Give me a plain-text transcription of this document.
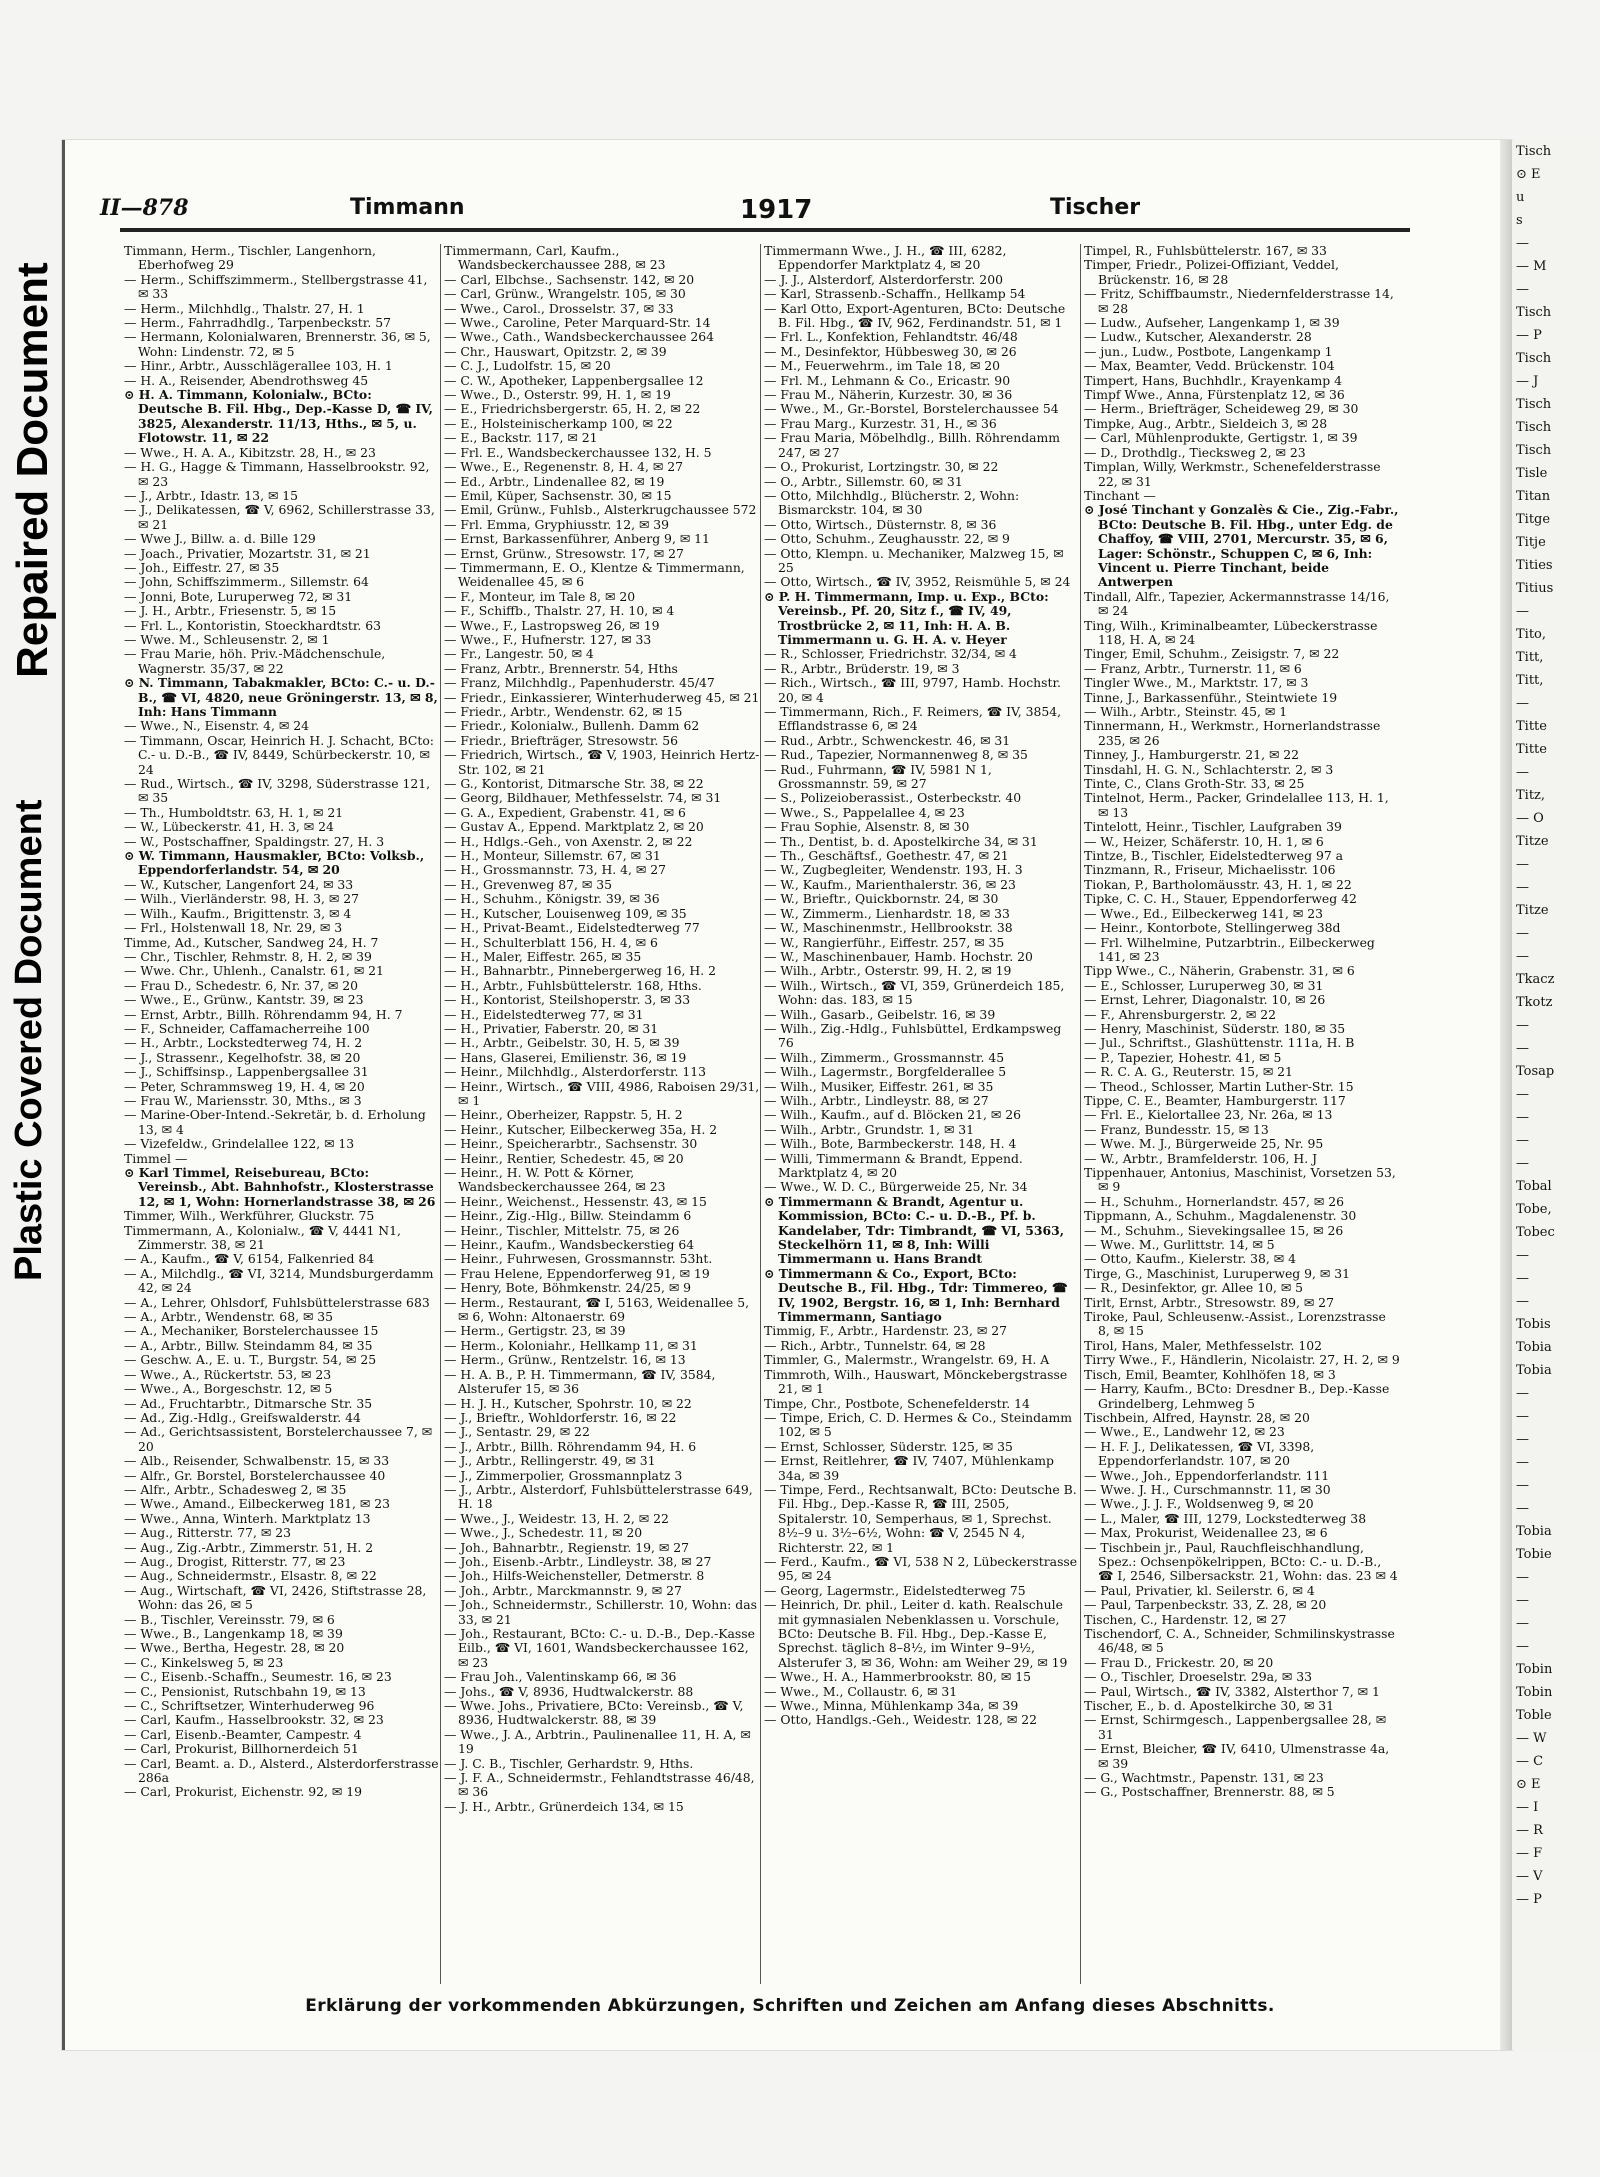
Repaired Document
Plastic Covered Document
Tisch
⊙ E
u
s
—
— M
—
Tisch
— P
Tisch
— J
Tisch
Tisch
Tisch
Tisle
Titan
Titge
Titje
Tities
Titius
—
Tito,
Titt,
Titt,
—
Titte
Titte
—
Titz,
— O
Titze
—
—
Titze
—
—
Tkacz
Tkotz
—
—
Tosap
—
—
—
—
Tobal
Tobe,
Tobec
—
—
—
Tobis
Tobia
Tobia
—
—
—
—
—
—
Tobia
Tobie
—
—
—
—
Tobin
Tobin
Toble
— W
— C
⊙ E
— I
— R
— F
— V
— P
II—878	Timmann	1917	Tischer

Timmann, Herm., Tischler, Langenhorn, Eberhofweg 29

— Herm., Schiffszimmerm., Stellbergstrasse 41, ✉ 33

— Herm., Milchhdlg., Thalstr. 27, H. 1

— Herm., Fahrradhdlg., Tarpenbeckstr. 57

— Hermann, Kolonialwaren, Brennerstr. 36, ✉ 5, Wohn: Lindenstr. 72, ✉ 5

— Hinr., Arbtr., Ausschlägerallee 103, H. 1

— H. A., Reisender, Abendrothsweg 45

⊙ H. A. Timmann, Kolonialw., BCto: Deutsche B. Fil. Hbg., Dep.-Kasse D, ☎ IV, 3825, Alexanderstr. 11/13, Hths., ✉ 5, u. Flotowstr. 11, ✉ 22

— Wwe., H. A. A., Kibitzstr. 28, H., ✉ 23

— H. G., Hagge & Timmann, Hasselbrookstr. 92, ✉ 23

— J., Arbtr., Idastr. 13, ✉ 15

— J., Delikatessen, ☎ V, 6962, Schillerstrasse 33, ✉ 21

— Wwe J., Billw. a. d. Bille 129

— Joach., Privatier, Mozartstr. 31, ✉ 21

— Joh., Eiffestr. 27, ✉ 35

— John, Schiffszimmerm., Sillemstr. 64

— Jonni, Bote, Luruperweg 72, ✉ 31

— J. H., Arbtr., Friesenstr. 5, ✉ 15

— Frl. L., Kontoristin, Stoeckhardtstr. 63

— Wwe. M., Schleusenstr. 2, ✉ 1

— Frau Marie, höh. Priv.-Mädchenschule, Wagnerstr. 35/37, ✉ 22

⊙ N. Timmann, Tabakmakler, BCto: C.- u. D.-B., ☎ VI, 4820, neue Gröningerstr. 13, ✉ 8, Inh: Hans Timmann

— Wwe., N., Eisenstr. 4, ✉ 24

— Timmann, Oscar, Heinrich H. J. Schacht, BCto: C.- u. D.-B., ☎ IV, 8449, Schürbeckerstr. 10, ✉ 24

— Rud., Wirtsch., ☎ IV, 3298, Süderstrasse 121, ✉ 35

— Th., Humboldtstr. 63, H. 1, ✉ 21

— W., Lübeckerstr. 41, H. 3, ✉ 24

— W., Postschaffner, Spaldingstr. 27, H. 3

⊙ W. Timmann, Hausmakler, BCto: Volksb., Eppendorferlandstr. 54, ✉ 20

— W., Kutscher, Langenfort 24, ✉ 33

— Wilh., Vierländerstr. 98, H. 3, ✉ 27

— Wilh., Kaufm., Brigittenstr. 3, ✉ 4

— Frl., Holstenwall 18, Nr. 29, ✉ 3

Timme, Ad., Kutscher, Sandweg 24, H. 7

— Chr., Tischler, Rehmstr. 8, H. 2, ✉ 39

— Wwe. Chr., Uhlenh., Canalstr. 61, ✉ 21

— Frau D., Schedestr. 6, Nr. 37, ✉ 20

— Wwe., E., Grünw., Kantstr. 39, ✉ 23

— Ernst, Arbtr., Billh. Röhrendamm 94, H. 7

— F., Schneider, Caffamacherreihe 100

— H., Arbtr., Lockstedterweg 74, H. 2

— J., Strassenr., Kegelhofstr. 38, ✉ 20

— J., Schiffsinsp., Lappenbergsallee 31

— Peter, Schrammsweg 19, H. 4, ✉ 20

— Frau W., Mariensstr. 30, Mths., ✉ 3

— Marine-Ober-Intend.-Sekretär, b. d. Erholung 13, ✉ 4

— Vizefeldw., Grindelallee 122, ✉ 13

Timmel —

⊙ Karl Timmel, Reisebureau, BCto: Vereinsb., Abt. Bahnhofstr., Klosterstrasse 12, ✉ 1, Wohn: Hornerlandstrasse 38, ✉ 26

Timmer, Wilh., Werkführer, Gluckstr. 75

Timmermann, A., Kolonialw., ☎ V, 4441 N1, Zimmerstr. 38, ✉ 21

— A., Kaufm., ☎ V, 6154, Falkenried 84

— A., Milchdlg., ☎ VI, 3214, Mundsburgerdamm 42, ✉ 24

— A., Lehrer, Ohlsdorf, Fuhlsbüttelerstrasse 683

— A., Arbtr., Wendenstr. 68, ✉ 35

— A., Mechaniker, Borstelerchaussee 15

— A., Arbtr., Billw. Steindamm 84, ✉ 35

— Geschw. A., E. u. T., Burgstr. 54, ✉ 25

— Wwe., A., Rückertstr. 53, ✉ 23

— Wwe., A., Borgeschstr. 12, ✉ 5

— Ad., Fruchtarbtr., Ditmarsche Str. 35

— Ad., Zig.-Hdlg., Greifswalderstr. 44

— Ad., Gerichtsassistent, Borstelerchaussee 7, ✉ 20

— Alb., Reisender, Schwalbenstr. 15, ✉ 33

— Alfr., Gr. Borstel, Borstelerchaussee 40

— Alfr., Arbtr., Schadesweg 2, ✉ 35

— Wwe., Amand., Eilbeckerweg 181, ✉ 23

— Wwe., Anna, Winterh. Marktplatz 13

— Aug., Ritterstr. 77, ✉ 23

— Aug., Zig.-Arbtr., Zimmerstr. 51, H. 2

— Aug., Drogist, Ritterstr. 77, ✉ 23

— Aug., Schneidermstr., Elsastr. 8, ✉ 22

— Aug., Wirtschaft, ☎ VI, 2426, Stiftstrasse 28, Wohn: das 26, ✉ 5

— B., Tischler, Vereinsstr. 79, ✉ 6

— Wwe., B., Langenkamp 18, ✉ 39

— Wwe., Bertha, Hegestr. 28, ✉ 20

— C., Kinkelsweg 5, ✉ 23

— C., Eisenb.-Schaffn., Seumestr. 16, ✉ 23

— C., Pensionist, Rutschbahn 19, ✉ 13

— C., Schriftsetzer, Winterhuderweg 96

— Carl, Kaufm., Hasselbrookstr. 32, ✉ 23

— Carl, Eisenb.-Beamter, Campestr. 4

— Carl, Prokurist, Billhornerdeich 51

— Carl, Beamt. a. D., Alsterd., Alsterdorferstrasse 286a

— Carl, Prokurist, Eichenstr. 92, ✉ 19

Timmermann, Carl, Kaufm., Wandsbeckerchaussee 288, ✉ 23

— Carl, Elbchse., Sachsenstr. 142, ✉ 20

— Carl, Grünw., Wrangelstr. 105, ✉ 30

— Wwe., Carol., Drosselstr. 37, ✉ 33

— Wwe., Caroline, Peter Marquard-Str. 14

— Wwe., Cath., Wandsbeckerchaussee 264

— Chr., Hauswart, Opitzstr. 2, ✉ 39

— C. J., Ludolfstr. 15, ✉ 20

— C. W., Apotheker, Lappenbergsallee 12

— Wwe., D., Osterstr. 99, H. 1, ✉ 19

— E., Friedrichsbergerstr. 65, H. 2, ✉ 22

— E., Holsteinischerkamp 100, ✉ 22

— E., Backstr. 117, ✉ 21

— Frl. E., Wandsbeckerchaussee 132, H. 5

— Wwe., E., Regenenstr. 8, H. 4, ✉ 27

— Ed., Arbtr., Lindenallee 82, ✉ 19

— Emil, Küper, Sachsenstr. 30, ✉ 15

— Emil, Grünw., Fuhlsb., Alsterkrugchaussee 572

— Frl. Emma, Gryphiusstr. 12, ✉ 39

— Ernst, Barkassenführer, Anberg 9, ✉ 11

— Ernst, Grünw., Stresowstr. 17, ✉ 27

— Timmermann, E. O., Klentze & Timmermann, Weidenallee 45, ✉ 6

— F., Monteur, im Tale 8, ✉ 20

— F., Schiffb., Thalstr. 27, H. 10, ✉ 4

— Wwe., F., Lastropsweg 26, ✉ 19

— Wwe., F., Hufnerstr. 127, ✉ 33

— Fr., Langestr. 50, ✉ 4

— Franz, Arbtr., Brennerstr. 54, Hths

— Franz, Milchhdlg., Papenhuderstr. 45/47

— Friedr., Einkassierer, Winterhuderweg 45, ✉ 21

— Friedr., Arbtr., Wendenstr. 62, ✉ 15

— Friedr., Kolonialw., Bullenh. Damm 62

— Friedr., Briefträger, Stresowstr. 56

— Friedrich, Wirtsch., ☎ V, 1903, Heinrich Hertz-Str. 102, ✉ 21

— G., Kontorist, Ditmarsche Str. 38, ✉ 22

— Georg, Bildhauer, Methfesselstr. 74, ✉ 31

— G. A., Expedient, Grabenstr. 41, ✉ 6

— Gustav A., Eppend. Marktplatz 2, ✉ 20

— H., Hdlgs.-Geh., von Axenstr. 2, ✉ 22

— H., Monteur, Sillemstr. 67, ✉ 31

— H., Grossmannstr. 73, H. 4, ✉ 27

— H., Grevenweg 87, ✉ 35

— H., Schuhm., Königstr. 39, ✉ 36

— H., Kutscher, Louisenweg 109, ✉ 35

— H., Privat-Beamt., Eidelstedterweg 77

— H., Schulterblatt 156, H. 4, ✉ 6

— H., Maler, Eiffestr. 265, ✉ 35

— H., Bahnarbtr., Pinnebergerweg 16, H. 2

— H., Arbtr., Fuhlsbüttelerstr. 168, Hths.

— H., Kontorist, Steilshoperstr. 3, ✉ 33

— H., Eidelstedterweg 77, ✉ 31

— H., Privatier, Faberstr. 20, ✉ 31

— H., Arbtr., Geibelstr. 30, H. 5, ✉ 39

— Hans, Glaserei, Emilienstr. 36, ✉ 19

— Heinr., Milchhdlg., Alsterdorferstr. 113

— Heinr., Wirtsch., ☎ VIII, 4986, Raboisen 29/31, ✉ 1

— Heinr., Oberheizer, Rappstr. 5, H. 2

— Heinr., Kutscher, Eilbeckerweg 35a, H. 2

— Heinr., Speicherarbtr., Sachsenstr. 30

— Heinr., Rentier, Schedestr. 45, ✉ 20

— Heinr., H. W. Pott & Körner, Wandsbeckerchaussee 264, ✉ 23

— Heinr., Weichenst., Hessenstr. 43, ✉ 15

— Heinr., Zig.-Hlg., Billw. Steindamm 6

— Heinr., Tischler, Mittelstr. 75, ✉ 26

— Heinr., Kaufm., Wandsbeckerstieg 64

— Heinr., Fuhrwesen, Grossmannstr. 53ht.

— Frau Helene, Eppendorferweg 91, ✉ 19

— Henry, Bote, Böhmkenstr. 24/25, ✉ 9

— Herm., Restaurant, ☎ I, 5163, Weidenallee 5, ✉ 6, Wohn: Altonaerstr. 69

— Herm., Gertigstr. 23, ✉ 39

— Herm., Koloniahr., Hellkamp 11, ✉ 31

— Herm., Grünw., Rentzelstr. 16, ✉ 13

— H. A. B., P. H. Timmermann, ☎ IV, 3584, Alsterufer 15, ✉ 36

— H. J. H., Kutscher, Spohrstr. 10, ✉ 22

— J., Brieftr., Wohldorferstr. 16, ✉ 22

— J., Sentastr. 29, ✉ 22

— J., Arbtr., Billh. Röhrendamm 94, H. 6

— J., Arbtr., Rellingerstr. 49, ✉ 31

— J., Zimmerpolier, Grossmannplatz 3

— J., Arbtr., Alsterdorf, Fuhlsbüttelerstrasse 649, H. 18

— Wwe., J., Weidestr. 13, H. 2, ✉ 22

— Wwe., J., Schedestr. 11, ✉ 20

— Joh., Bahnarbtr., Regienstr. 19, ✉ 27

— Joh., Eisenb.-Arbtr., Lindleystr. 38, ✉ 27

— Joh., Hilfs-Weichensteller, Detmerstr. 8

— Joh., Arbtr., Marckmannstr. 9, ✉ 27

— Joh., Schneidermstr., Schillerstr. 10, Wohn: das 33, ✉ 21

— Joh., Restaurant, BCto: C.- u. D.-B., Dep.-Kasse Eilb., ☎ VI, 1601, Wandsbeckerchaussee 162, ✉ 23

— Frau Joh., Valentinskamp 66, ✉ 36

— Johs., ☎ V, 8936, Hudtwalckerstr. 88

— Wwe. Johs., Privatiere, BCto: Vereinsb., ☎ V, 8936, Hudtwalckerstr. 88, ✉ 39

— Wwe., J. A., Arbtrin., Paulinenallee 11, H. A, ✉ 19

— J. C. B., Tischler, Gerhardstr. 9, Hths.

— J. F. A., Schneidermstr., Fehlandtstrasse 46/48, ✉ 36

— J. H., Arbtr., Grünerdeich 134, ✉ 15

Timmermann Wwe., J. H., ☎ III, 6282, Eppendorfer Marktplatz 4, ✉ 20

— J. J., Alsterdorf, Alsterdorferstr. 200

— Karl, Strassenb.-Schaffn., Hellkamp 54

— Karl Otto, Export-Agenturen, BCto: Deutsche B. Fil. Hbg., ☎ IV, 962, Ferdinandstr. 51, ✉ 1

— Frl. L., Konfektion, Fehlandtstr. 46/48

— M., Desinfektor, Hübbesweg 30, ✉ 26

— M., Feuerwehrm., im Tale 18, ✉ 20

— Frl. M., Lehmann & Co., Ericastr. 90

— Frau M., Näherin, Kurzestr. 30, ✉ 36

— Wwe., M., Gr.-Borstel, Borstelerchaussee 54

— Frau Marg., Kurzestr. 31, H., ✉ 36

— Frau Maria, Möbelhdlg., Billh. Röhrendamm 247, ✉ 27

— O., Prokurist, Lortzingstr. 30, ✉ 22

— O., Arbtr., Sillemstr. 60, ✉ 31

— Otto, Milchhdlg., Blücherstr. 2, Wohn: Bismarckstr. 104, ✉ 30

— Otto, Wirtsch., Düsternstr. 8, ✉ 36

— Otto, Schuhm., Zeughausstr. 22, ✉ 9

— Otto, Klempn. u. Mechaniker, Malzweg 15, ✉ 25

— Otto, Wirtsch., ☎ IV, 3952, Reismühle 5, ✉ 24

⊙ P. H. Timmermann, Imp. u. Exp., BCto: Vereinsb., Pf. 20, Sitz f., ☎ IV, 49, Trostbrücke 2, ✉ 11, Inh: H. A. B. Timmermann u. G. H. A. v. Heyer

— R., Schlosser, Friedrichstr. 32/34, ✉ 4

— R., Arbtr., Brüderstr. 19, ✉ 3

— Rich., Wirtsch., ☎ III, 9797, Hamb. Hochstr. 20, ✉ 4

— Timmermann, Rich., F. Reimers, ☎ IV, 3854, Efflandstrasse 6, ✉ 24

— Rud., Arbtr., Schwenckestr. 46, ✉ 31

— Rud., Tapezier, Normannenweg 8, ✉ 35

— Rud., Fuhrmann, ☎ IV, 5981 N 1, Grossmannstr. 59, ✉ 27

— S., Polizeioberassist., Osterbeckstr. 40

— Wwe., S., Pappelallee 4, ✉ 23

— Frau Sophie, Alsenstr. 8, ✉ 30

— Th., Dentist, b. d. Apostelkirche 34, ✉ 31

— Th., Geschäftsf., Goethestr. 47, ✉ 21

— W., Zugbegleiter, Wendenstr. 193, H. 3

— W., Kaufm., Marienthalerstr. 36, ✉ 23

— W., Brieftr., Quickbornstr. 24, ✉ 30

— W., Zimmerm., Lienhardstr. 18, ✉ 33

— W., Maschinenmstr., Hellbrookstr. 38

— W., Rangierführ., Eiffestr. 257, ✉ 35

— W., Maschinenbauer, Hamb. Hochstr. 20

— Wilh., Arbtr., Osterstr. 99, H. 2, ✉ 19

— Wilh., Wirtsch., ☎ VI, 359, Grünerdeich 185, Wohn: das. 183, ✉ 15

— Wilh., Gasarb., Geibelstr. 16, ✉ 39

— Wilh., Zig.-Hdlg., Fuhlsbüttel, Erdkampsweg 76

— Wilh., Zimmerm., Grossmannstr. 45

— Wilh., Lagermstr., Borgfelderallee 5

— Wilh., Musiker, Eiffestr. 261, ✉ 35

— Wilh., Arbtr., Lindleystr. 88, ✉ 27

— Wilh., Kaufm., auf d. Blöcken 21, ✉ 26

— Wilh., Arbtr., Grundstr. 1, ✉ 31

— Wilh., Bote, Barmbeckerstr. 148, H. 4

— Willi, Timmermann & Brandt, Eppend. Marktplatz 4, ✉ 20

— Wwe., W. D. C., Bürgerweide 25, Nr. 34

⊙ Timmermann & Brandt, Agentur u. Kommission, BCto: C.- u. D.-B., Pf. b. Kandelaber, Tdr: Timbrandt, ☎ VI, 5363, Steckelhörn 11, ✉ 8, Inh: Willi Timmermann u. Hans Brandt

⊙ Timmermann & Co., Export, BCto: Deutsche B., Fil. Hbg., Tdr: Timmereo, ☎ IV, 1902, Bergstr. 16, ✉ 1, Inh: Bernhard Timmermann, Santiago

Timmig, F., Arbtr., Hardenstr. 23, ✉ 27

— Rich., Arbtr., Tunnelstr. 64, ✉ 28

Timmler, G., Malermstr., Wrangelstr. 69, H. A

Timmroth, Wilh., Hauswart, Mönckebergstrasse 21, ✉ 1

Timpe, Chr., Postbote, Schenefelderstr. 14

— Timpe, Erich, C. D. Hermes & Co., Steindamm 102, ✉ 5

— Ernst, Schlosser, Süderstr. 125, ✉ 35

— Ernst, Reitlehrer, ☎ IV, 7407, Mühlenkamp 34a, ✉ 39

— Timpe, Ferd., Rechtsanwalt, BCto: Deutsche B. Fil. Hbg., Dep.-Kasse R, ☎ III, 2505, Spitalerstr. 10, Semperhaus, ✉ 1, Sprechst. 8½–9 u. 3½–6½, Wohn: ☎ V, 2545 N 4, Richterstr. 22, ✉ 1

— Ferd., Kaufm., ☎ VI, 538 N 2, Lübeckerstrasse 95, ✉ 24

— Georg, Lagermstr., Eidelstedterweg 75

— Heinrich, Dr. phil., Leiter d. kath. Realschule mit gymnasialen Nebenklassen u. Vorschule, BCto: Deutsche B. Fil. Hbg., Dep.-Kasse E, Sprechst. täglich 8–8½, im Winter 9–9½, Alsterufer 3, ✉ 36, Wohn: am Weiher 29, ✉ 19

— Wwe., H. A., Hammerbrookstr. 80, ✉ 15

— Wwe., M., Collaustr. 6, ✉ 31

— Wwe., Minna, Mühlenkamp 34a, ✉ 39

— Otto, Handlgs.-Geh., Weidestr. 128, ✉ 22

Timpel, R., Fuhlsbüttelerstr. 167, ✉ 33

Timper, Friedr., Polizei-Offiziant, Veddel, Brückenstr. 16, ✉ 28

— Fritz, Schiffbaumstr., Niedernfelderstrasse 14, ✉ 28

— Ludw., Aufseher, Langenkamp 1, ✉ 39

— Ludw., Kutscher, Alexanderstr. 28

— jun., Ludw., Postbote, Langenkamp 1

— Max, Beamter, Vedd. Brückenstr. 104

Timpert, Hans, Buchhdlr., Krayenkamp 4

Timpf Wwe., Anna, Fürstenplatz 12, ✉ 36

— Herm., Briefträger, Scheideweg 29, ✉ 30

Timpke, Aug., Arbtr., Sieldeich 3, ✉ 28

— Carl, Mühlenprodukte, Gertigstr. 1, ✉ 39

— D., Drothdlg., Tiecksweg 2, ✉ 23

Timplan, Willy, Werkmstr., Schenefelderstrasse 22, ✉ 31

Tinchant —

⊙ José Tinchant y Gonzalès & Cie., Zig.-Fabr., BCto: Deutsche B. Fil. Hbg., unter Edg. de Chaffoy, ☎ VIII, 2701, Mercurstr. 35, ✉ 6, Lager: Schönstr., Schuppen C, ✉ 6, Inh: Vincent u. Pierre Tinchant, beide Antwerpen

Tindall, Alfr., Tapezier, Ackermannstrasse 14/16, ✉ 24

Ting, Wilh., Kriminalbeamter, Lübeckerstrasse 118, H. A, ✉ 24

Tinger, Emil, Schuhm., Zeisigstr. 7, ✉ 22

— Franz, Arbtr., Turnerstr. 11, ✉ 6

Tingler Wwe., M., Marktstr. 17, ✉ 3

Tinne, J., Barkassenführ., Steintwiete 19

— Wilh., Arbtr., Steinstr. 45, ✉ 1

Tinnermann, H., Werkmstr., Hornerlandstrasse 235, ✉ 26

Tinney, J., Hamburgerstr. 21, ✉ 22

Tinsdahl, H. G. N., Schlachterstr. 2, ✉ 3

Tinte, C., Clans Groth-Str. 33, ✉ 25

Tintelnot, Herm., Packer, Grindelallee 113, H. 1, ✉ 13

Tintelott, Heinr., Tischler, Laufgraben 39

— W., Heizer, Schäferstr. 10, H. 1, ✉ 6

Tintze, B., Tischler, Eidelstedterweg 97 a

Tinzmann, R., Friseur, Michaelisstr. 106

Tiokan, P., Bartholomäusstr. 43, H. 1, ✉ 22

Tipke, C. C. H., Stauer, Eppendorferweg 42

— Wwe., Ed., Eilbeckerweg 141, ✉ 23

— Heinr., Kontorbote, Stellingerweg 38d

— Frl. Wilhelmine, Putzarbtrin., Eilbeckerweg 141, ✉ 23

Tipp Wwe., C., Näherin, Grabenstr. 31, ✉ 6

— E., Schlosser, Luruperweg 30, ✉ 31

— Ernst, Lehrer, Diagonalstr. 10, ✉ 26

— F., Ahrensburgerstr. 2, ✉ 22

— Henry, Maschinist, Süderstr. 180, ✉ 35

— Jul., Schriftst., Glashüttenstr. 111a, H. B

— P., Tapezier, Hohestr. 41, ✉ 5

— R. C. A. G., Reuterstr. 15, ✉ 21

— Theod., Schlosser, Martin Luther-Str. 15

Tippe, C. E., Beamter, Hamburgerstr. 117

— Frl. E., Kielortallee 23, Nr. 26a, ✉ 13

— Franz, Bundesstr. 15, ✉ 13

— Wwe. M. J., Bürgerweide 25, Nr. 95

— W., Arbtr., Bramfelderstr. 106, H. J

Tippenhauer, Antonius, Maschinist, Vorsetzen 53, ✉ 9

— H., Schuhm., Hornerlandstr. 457, ✉ 26

Tippmann, A., Schuhm., Magdalenenstr. 30

— M., Schuhm., Sievekingsallee 15, ✉ 26

— Wwe. M., Gurlittstr. 14, ✉ 5

— Otto, Kaufm., Kielerstr. 38, ✉ 4

Tirge, G., Maschinist, Luruperweg 9, ✉ 31

— R., Desinfektor, gr. Allee 10, ✉ 5

Tirlt, Ernst, Arbtr., Stresowstr. 89, ✉ 27

Tiroke, Paul, Schleusenw.-Assist., Lorenzstrasse 8, ✉ 15

Tirol, Hans, Maler, Methfesselstr. 102

Tirry Wwe., F., Händlerin, Nicolaistr. 27, H. 2, ✉ 9

Tisch, Emil, Beamter, Kohlhöfen 18, ✉ 3

— Harry, Kaufm., BCto: Dresdner B., Dep.-Kasse Grindelberg, Lehmweg 5

Tischbein, Alfred, Haynstr. 28, ✉ 20

— Wwe., E., Landwehr 12, ✉ 23

— H. F. J., Delikatessen, ☎ VI, 3398, Eppendorferlandstr. 107, ✉ 20

— Wwe., Joh., Eppendorferlandstr. 111

— Wwe. J. H., Curschmannstr. 11, ✉ 30

— Wwe., J. J. F., Woldsenweg 9, ✉ 20

— L., Maler, ☎ III, 1279, Lockstedterweg 38

— Max, Prokurist, Weidenallee 23, ✉ 6

— Tischbein jr., Paul, Rauchfleischhandlung, Spez.: Ochsenpökelrippen, BCto: C.- u. D.-B., ☎ I, 2546, Silbersackstr. 21, Wohn: das. 23 ✉ 4

— Paul, Privatier, kl. Seilerstr. 6, ✉ 4

— Paul, Tarpenbeckstr. 33, Z. 28, ✉ 20

Tischen, C., Hardenstr. 12, ✉ 27

Tischendorf, C. A., Schneider, Schmilinskystrasse 46/48, ✉ 5

— Frau D., Frickestr. 20, ✉ 20

— O., Tischler, Droeselstr. 29a, ✉ 33

— Paul, Wirtsch., ☎ IV, 3382, Alsterthor 7, ✉ 1

Tischer, E., b. d. Apostelkirche 30, ✉ 31

— Ernst, Schirmgesch., Lappenbergsallee 28, ✉ 31

— Ernst, Bleicher, ☎ IV, 6410, Ulmenstrasse 4a, ✉ 39

— G., Wachtmstr., Papenstr. 131, ✉ 23

— G., Postschaffner, Brennerstr. 88, ✉ 5

Erklärung der vorkommenden Abkürzungen, Schriften und Zeichen am Anfang dieses Abschnitts.
